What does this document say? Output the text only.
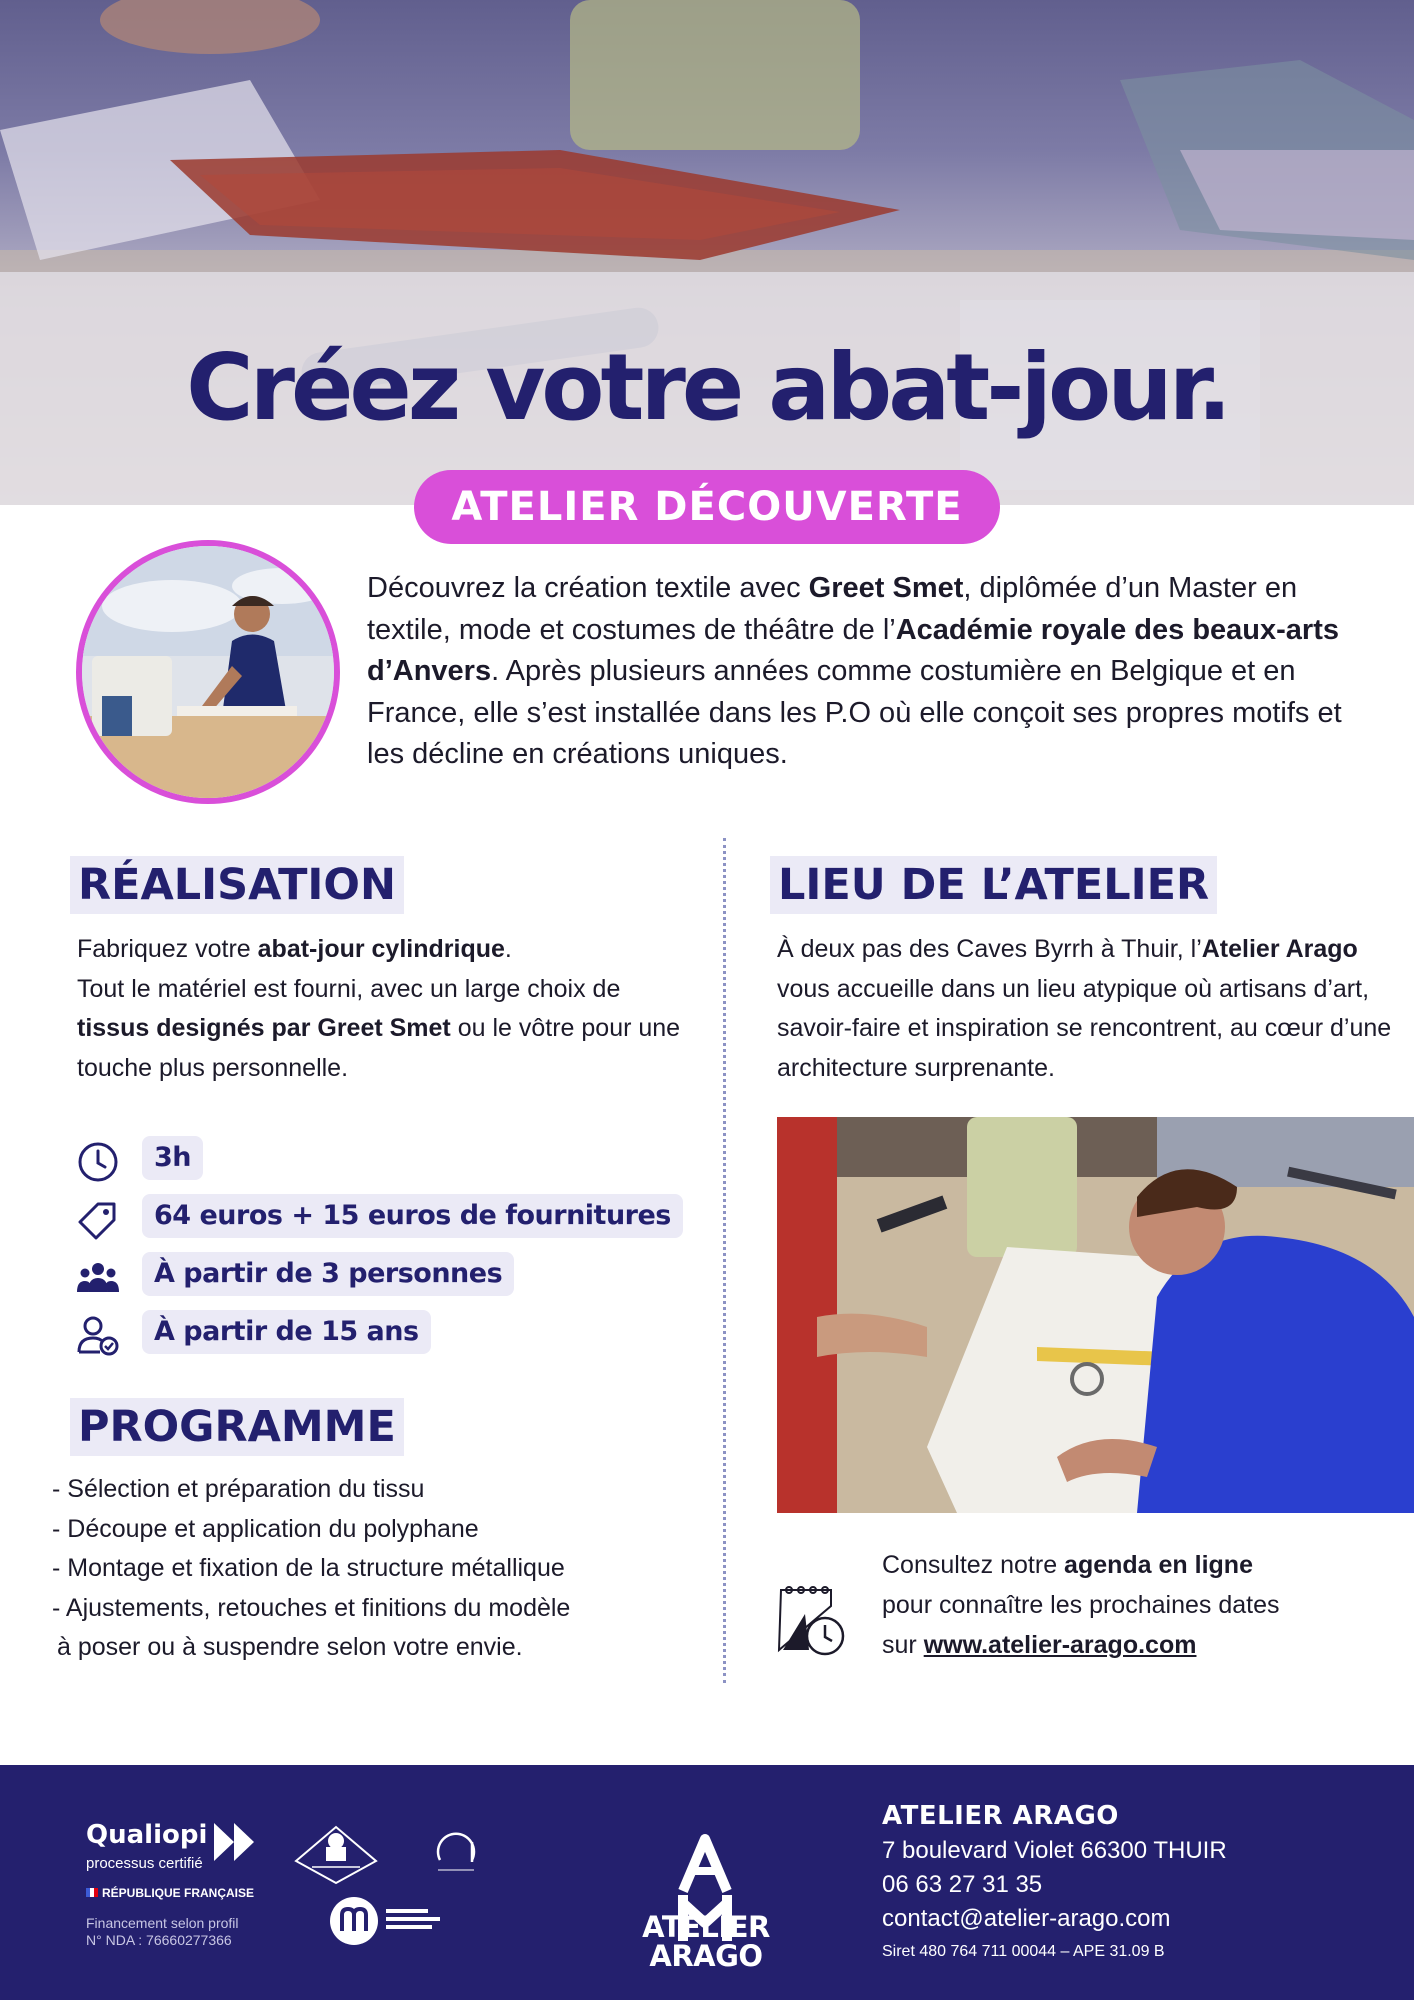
Créez votre abat-jour.
ATELIER DÉCOUVERTE

Découvrez la création textile avec Greet Smet, diplômée d’un Master en textile, mode et costumes de théâtre de l’Académie royale des beaux-arts d’Anvers. Après plusieurs années comme costumière en Belgique et en France, elle s’est installée dans les P.O où elle conçoit ses propres motifs et les décline en créations uniques.

RÉALISATION

Fabriquez votre abat-jour cylindrique.
Tout le matériel est fourni, avec un large choix de tissus designés par Greet Smet ou le vôtre pour une touche plus personnelle.

3h
64 euros + 15 euros de fournitures
À partir de 3 personnes
À partir de 15 ans
PROGRAMME
- Sélection et préparation du tissu
- Découpe et application du polyphane
- Montage et fixation de la structure métallique
- Ajustements, retouches et finitions du modèle
à poser ou à suspendre selon votre envie.
LIEU DE L’ATELIER

À deux pas des Caves Byrrh à Thuir, l’Atelier Arago vous accueille dans un lieu atypique où artisans d’art, savoir-faire et inspiration se rencontrent, au cœur d’une architecture surprenante.

Consultez notre agenda en ligne
pour connaître les prochaines dates
sur www.atelier-arago.com

Qualiopi
processus certifié
RÉPUBLIQUE FRANÇAISE
Financement selon profil
N° NDA : 76660277366	ATELIER
ARAGO
ATELIER ARAGO
7 boulevard Violet 66300 THUIR
06 63 27 31 35
contact@atelier-arago.com
Siret 480 764 711 00044 – APE 31.09 B
